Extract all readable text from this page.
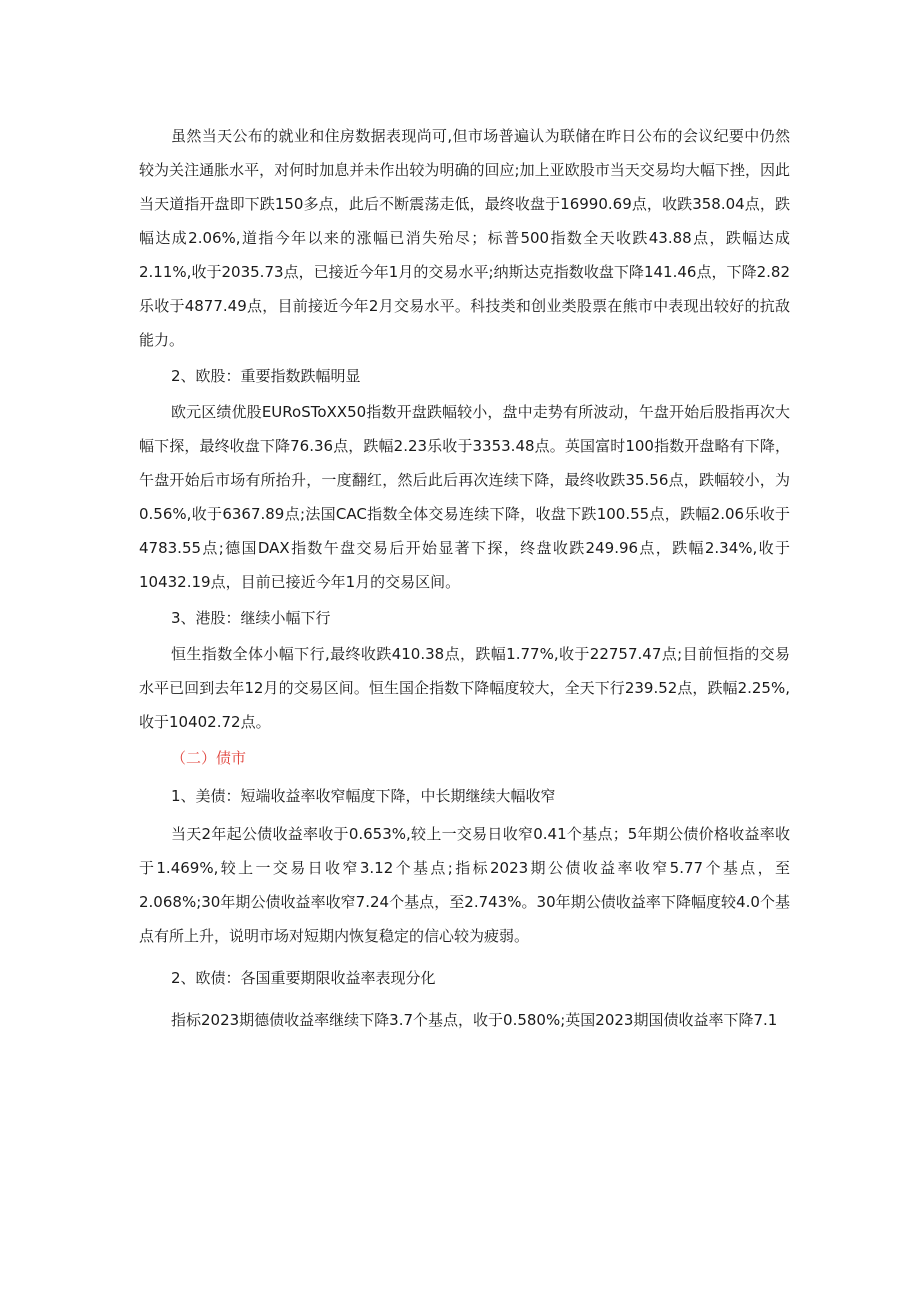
虽然当天公布的就业和住房数据表现尚可,但市场普遍认为联储在昨日公布的会议纪要中仍然较为关注通胀水平，对何时加息并未作出较为明确的回应;加上亚欧股市当天交易均大幅下挫，因此当天道指开盘即下跌150多点，此后不断震荡走低，最终收盘于16990.69点，收跌358.04点，跌幅达成2.06%,道指今年以来的涨幅已消失殆尽；标普500指数全天收跌43.88点，跌幅达成2.11%,收于2035.73点，已接近今年1月的交易水平;纳斯达克指数收盘下降141.46点，下降2.82乐收于4877.49点，目前接近今年2月交易水平。科技类和创业类股票在熊市中表现出较好的抗敌能力。

2、欧股：重要指数跌幅明显

欧元区绩优股EURoSToXX50指数开盘跌幅较小，盘中走势有所波动，午盘开始后股指再次大幅下探，最终收盘下降76.36点，跌幅2.23乐收于3353.48点。英国富时100指数开盘略有下降，午盘开始后市场有所抬升，一度翻红，然后此后再次连续下降，最终收跌35.56点，跌幅较小，为0.56%,收于6367.89点;法国CAC指数全体交易连续下降，收盘下跌100.55点，跌幅2.06乐收于4783.55点;德国DAX指数午盘交易后开始显著下探，终盘收跌249.96点，跌幅2.34%,收于10432.19点，目前已接近今年1月的交易区间。

3、港股：继续小幅下行

恒生指数全体小幅下行,最终收跌410.38点，跌幅1.77%,收于22757.47点;目前恒指的交易水平已回到去年12月的交易区间。恒生国企指数下降幅度较大，全天下行239.52点，跌幅2.25%,收于10402.72点。

（二）债市

1、美债：短端收益率收窄幅度下降，中长期继续大幅收窄

当天2年起公债收益率收于0.653%,较上一交易日收窄0.41个基点；5年期公债价格收益率收于1.469%,较上一交易日收窄3.12个基点;指标2023期公债收益率收窄5.77个基点，至2.068%;30年期公债收益率收窄7.24个基点，至2.743%。30年期公债收益率下降幅度较4.0个基点有所上升，说明市场对短期内恢复稳定的信心较为疲弱。

2、欧债：各国重要期限收益率表现分化

指标2023期德债收益率继续下降3.7个基点，收于0.580%;英国2023期国债收益率下降7.1
